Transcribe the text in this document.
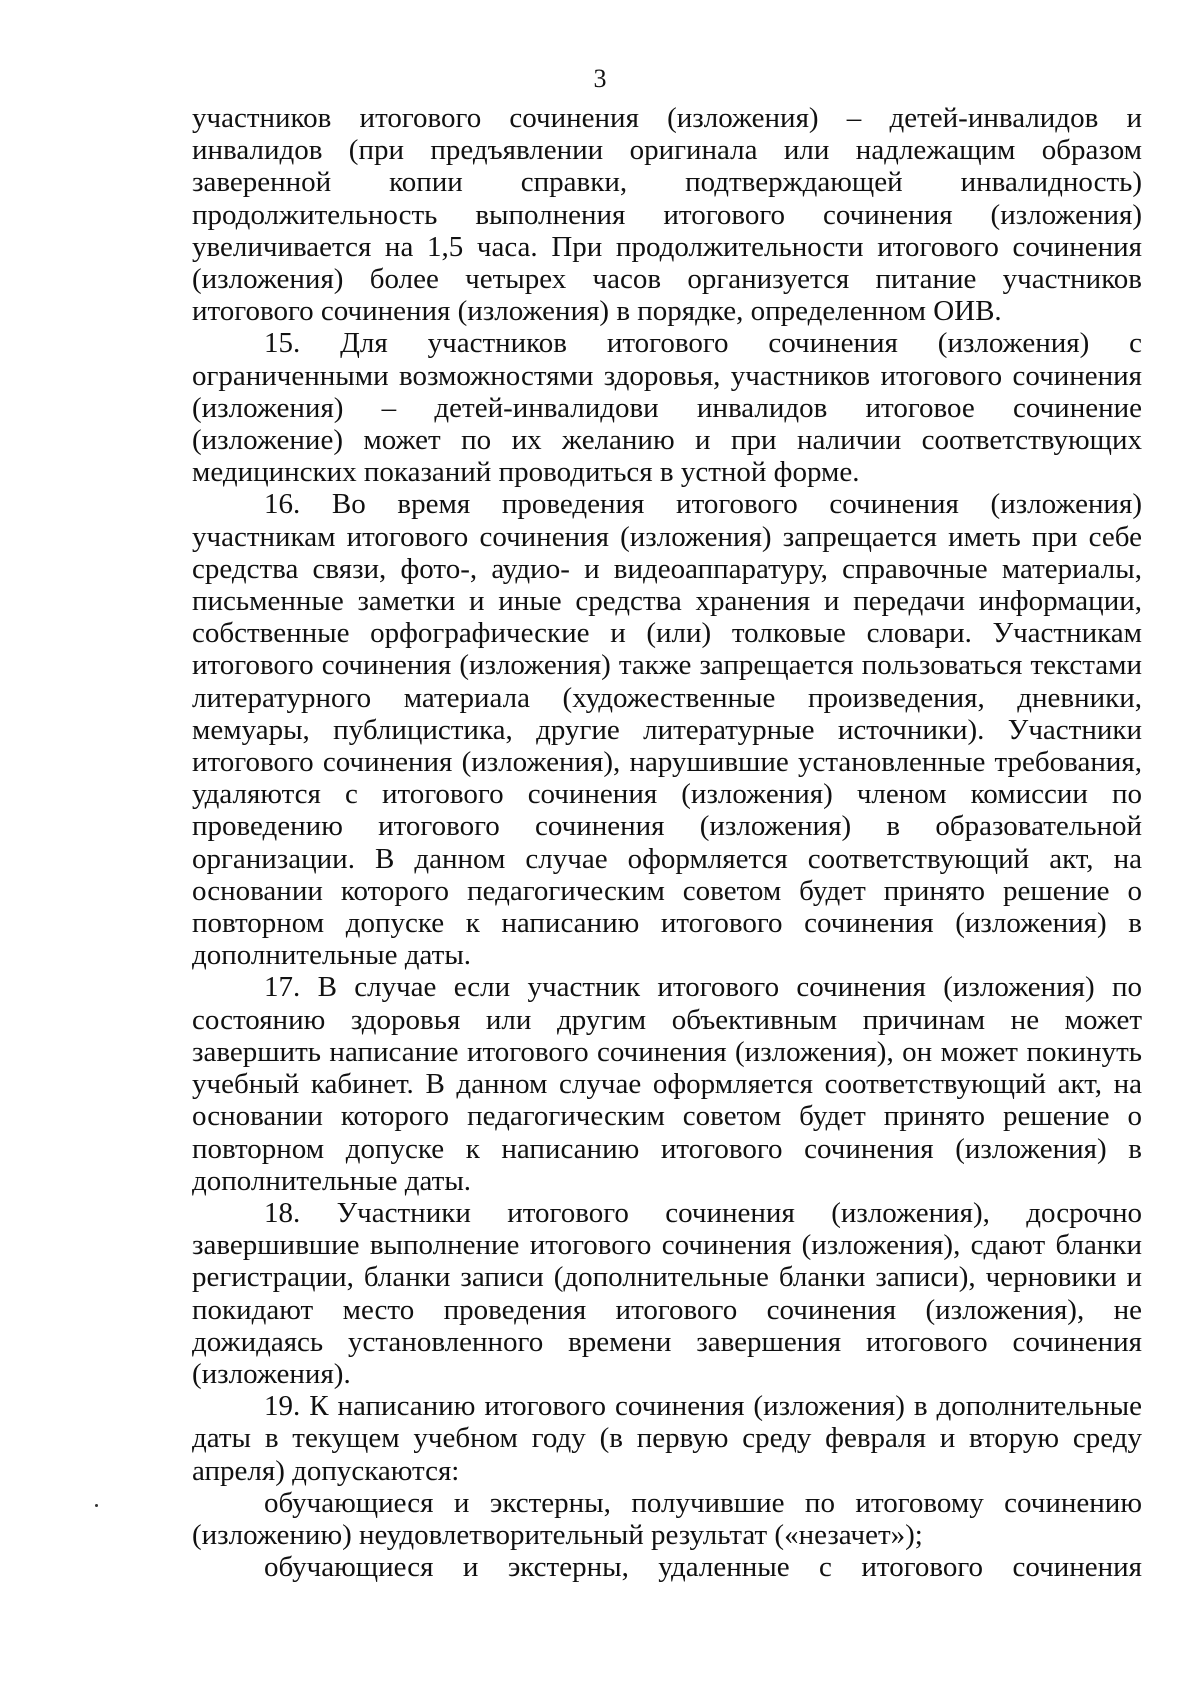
3

участников итогового сочинения (изложения) – детей-инвалидов и инвалидов (при предъявлении оригинала или надлежащим образом заверенной копии справки, подтверждающей инвалидность) продолжительность выполнения итогового сочинения (изложения) увеличивается на 1,5 часа. При продолжительности итогового сочинения (изложения) более четырех часов организуется питание участников итогового сочинения (изложения) в порядке, определенном ОИВ.

15. Для участников итогового сочинения (изложения) с ограниченными возможностями здоровья, участников итогового сочинения (изложения) – детей-инвалидови инвалидов итоговое сочинение (изложение) может по их желанию и при наличии соответствующих медицинских показаний проводиться в устной форме.

16. Во время проведения итогового сочинения (изложения) участникам итогового сочинения (изложения) запрещается иметь при себе средства связи, фото-, аудио- и видеоаппаратуру, справочные материалы, письменные заметки и иные средства хранения и передачи информации, собственные орфографические и (или) толковые словари. Участникам итогового сочинения (изложения) также запрещается пользоваться текстами литературного материала (художественные произведения, дневники, мемуары, публицистика, другие литературные источники). Участники итогового сочинения (изложения), нарушившие установленные требования, удаляются с итогового сочинения (изложения) членом комиссии по проведению итогового сочинения (изложения) в образовательной организации. В данном случае оформляется соответствующий акт, на основании которого педагогическим советом будет принято решение о повторном допуске к написанию итогового сочинения (изложения) в дополнительные даты.

17. В случае если участник итогового сочинения (изложения) по состоянию здоровья или другим объективным причинам не может завершить написание итогового сочинения (изложения), он может покинуть учебный кабинет. В данном случае оформляется соответствующий акт, на основании которого педагогическим советом будет принято решение о повторном допуске к написанию итогового сочинения (изложения) в дополнительные даты.

18. Участники итогового сочинения (изложения), досрочно завершившие выполнение итогового сочинения (изложения), сдают бланки регистрации, бланки записи (дополнительные бланки записи), черновики и покидают место проведения итогового сочинения (изложения), не дожидаясь установленного времени завершения итогового сочинения (изложения).

19. К написанию итогового сочинения (изложения) в дополнительные даты в текущем учебном году (в первую среду февраля и вторую среду апреля) допускаются:

обучающиеся и экстерны, получившие по итоговому сочинению (изложению) неудовлетворительный результат («незачет»);

обучающиеся и экстерны, удаленные с итогового сочинения
